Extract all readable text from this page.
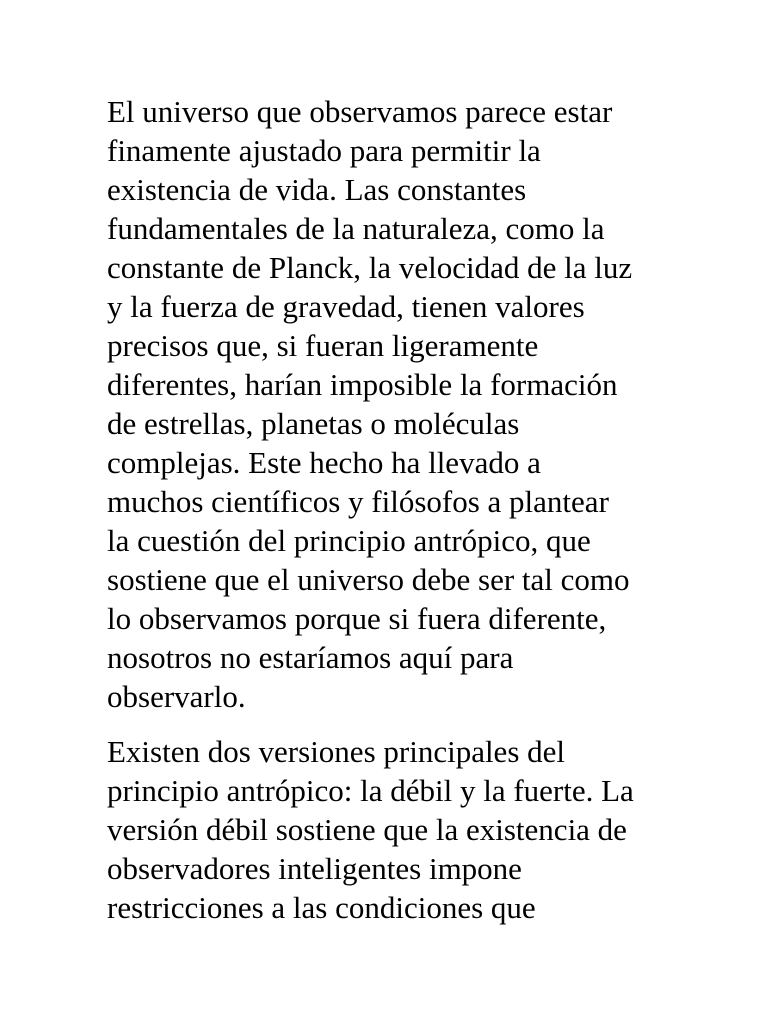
El universo que observamos parece estar
finamente ajustado para permitir la
existencia de vida. Las constantes
fundamentales de la naturaleza, como la
constante de Planck, la velocidad de la luz
y la fuerza de gravedad, tienen valores
precisos que, si fueran ligeramente
diferentes, harían imposible la formación
de estrellas, planetas o moléculas
complejas. Este hecho ha llevado a
muchos científicos y filósofos a plantear
la cuestión del principio antrópico, que
sostiene que el universo debe ser tal como
lo observamos porque si fuera diferente,
nosotros no estaríamos aquí para
observarlo.

Existen dos versiones principales del
principio antrópico: la débil y la fuerte. La
versión débil sostiene que la existencia de
observadores inteligentes impone
restricciones a las condiciones que
